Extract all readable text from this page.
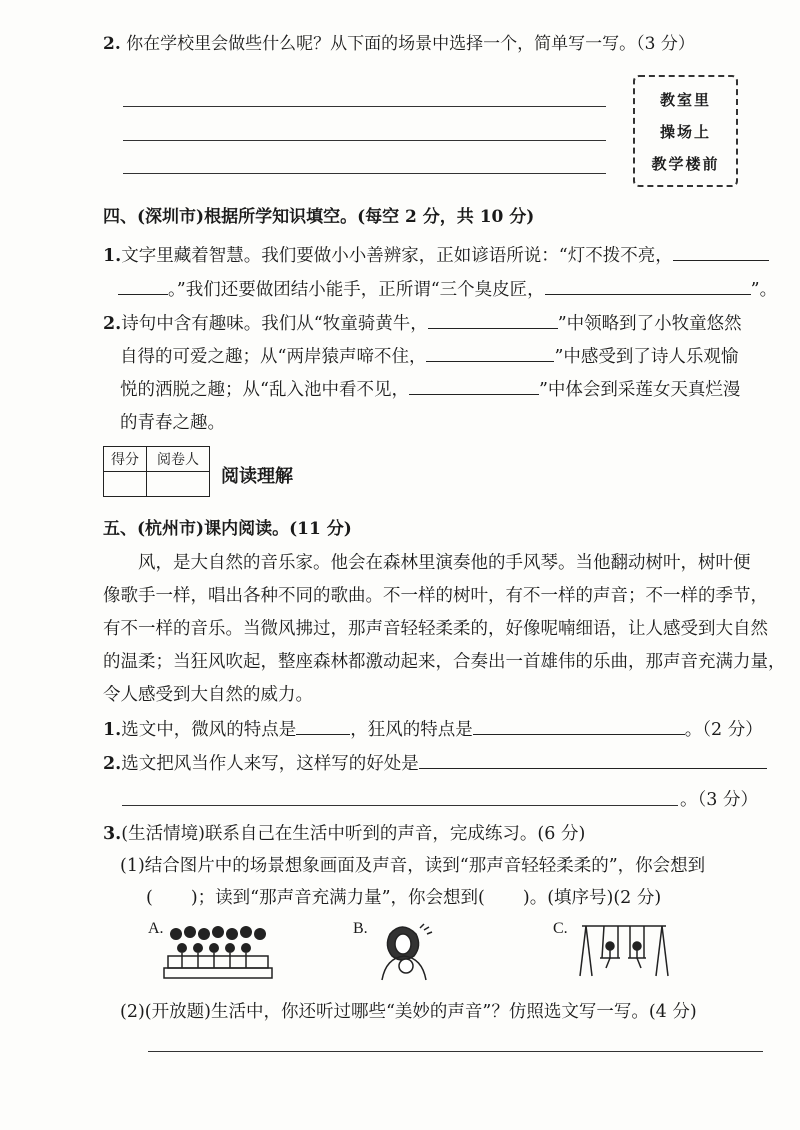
2. 你在学校里会做些什么呢？从下面的场景中选择一个，简单写一写。（3 分）
教室里
操场上
教学楼前
四、(深圳市)根据所学知识填空。(每空 2 分，共 10 分)
1.文字里藏着智慧。我们要做小小善辨家，正如谚语所说：“灯不拨不亮，
。”我们还要做团结小能手，正所谓“三个臭皮匠，	”。
2.诗句中含有趣味。我们从“牧童骑黄牛，	”中领略到了小牧童悠然
自得的可爱之趣；从“两岸猿声啼不住，	”中感受到了诗人乐观愉
悦的洒脱之趣；从“乱入池中看不见，	”中体会到采莲女天真烂漫
的青春之趣。
得分	阅卷人

阅读理解
五、(杭州市)课内阅读。(11 分)
风，是大自然的音乐家。他会在森林里演奏他的手风琴。当他翻动树叶，树叶便
像歌手一样，唱出各种不同的歌曲。不一样的树叶，有不一样的声音；不一样的季节，
有不一样的音乐。当微风拂过，那声音轻轻柔柔的，好像呢喃细语，让人感受到大自然
的温柔；当狂风吹起，整座森林都激动起来，合奏出一首雄伟的乐曲，那声音充满力量，
令人感受到大自然的威力。
1.选文中，微风的特点是	，狂风的特点是	。（2 分）
2.选文把风当作人来写，这样写的好处是
。（3 分）
3.(生活情境)联系自己在生活中听到的声音，完成练习。(6 分)
(1)结合图片中的场景想象画面及声音，读到“那声音轻轻柔柔的”，你会想到
( )；读到“那声音充满力量”，你会想到( )。(填序号)(2 分)
A.	B.	C.
(2)(开放题)生活中，你还听过哪些“美妙的声音”？仿照选文写一写。(4 分)
